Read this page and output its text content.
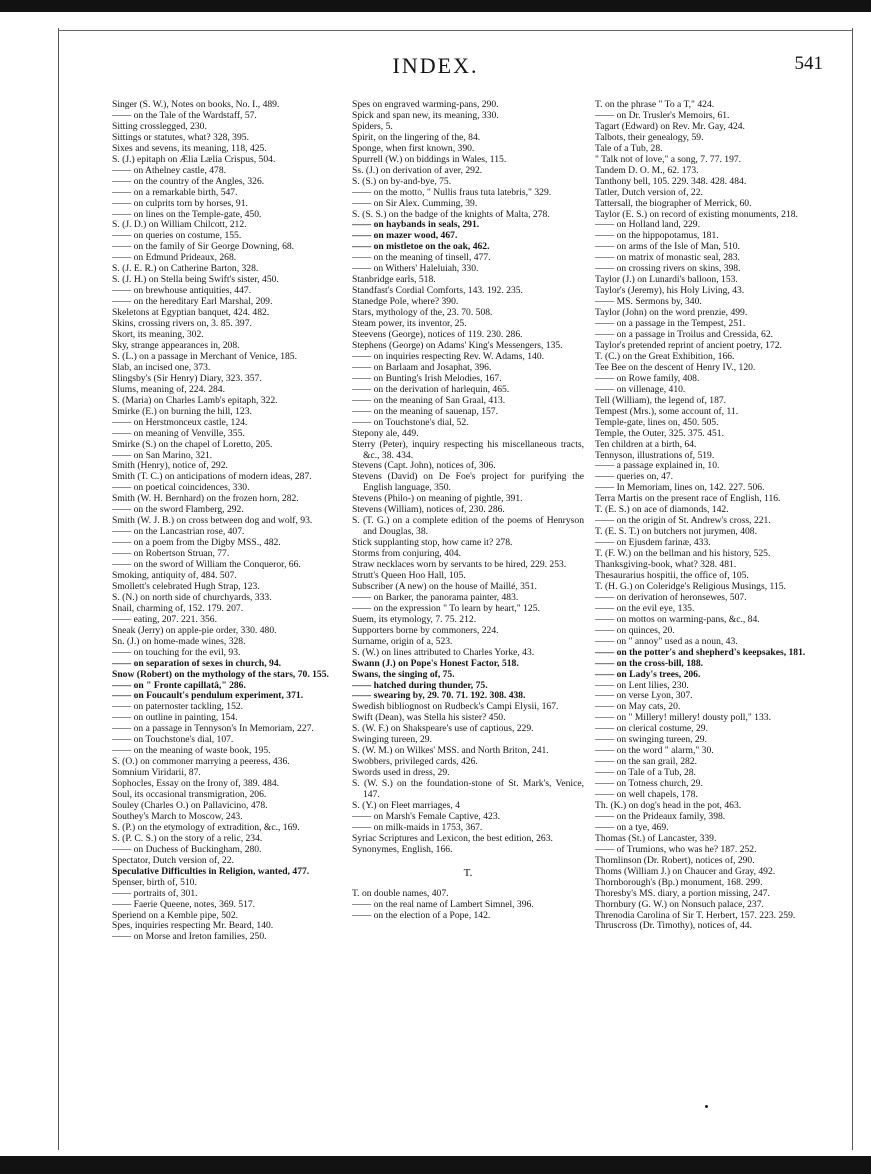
INDEX.	541
Singer (S. W.), Notes on books, No. I., 489.
—— on the Tale of the Wardstaff, 57.
Sitting crosslegged, 230.
Sittings or statutes, what? 328, 395.
Sixes and sevens, its meaning, 118, 425.
S. (J.) epitaph on Ælia Lælia Crispus, 504.
—— on Athelney castle, 478.
—— on the country of the Angles, 326.
—— on a remarkable birth, 547.
—— on culprits torn by horses, 91.
—— on lines on the Temple-gate, 450.
S. (J. D.) on William Chilcott, 212.
—— on queries on costume, 155.
—— on the family of Sir George Downing, 68.
—— on Edmund Prideaux, 268.
S. (J. E. R.) on Catherine Barton, 328.
S. (J. H.) on Stella being Swift's sister, 450.
—— on brewhouse antiquities, 447.
—— on the hereditary Earl Marshal, 209.
Skeletons at Egyptian banquet, 424. 482.
Skins, crossing rivers on, 3. 85. 397.
Skort, its meaning, 302.
Sky, strange appearances in, 208.
S. (L.) on a passage in Merchant of Venice, 185.
Slab, an incised one, 373.
Slingsby's (Sir Henry) Diary, 323. 357.
Slums, meaning of, 224. 284.
S. (Maria) on Charles Lamb's epitaph, 322.
Smirke (E.) on burning the hill, 123.
—— on Herstmonceux castle, 124.
—— on meaning of Venville, 355.
Smirke (S.) on the chapel of Loretto, 205.
—— on San Marino, 321.
Smith (Henry), notice of, 292.
Smith (T. C.) on anticipations of modern ideas, 287.
—— on poetical coincidences, 330.
Smith (W. H. Bernhard) on the frozen horn, 282.
—— on the sword Flamberg, 292.
Smith (W. J. B.) on cross between dog and wolf, 93.
—— on the Lancastrian rose, 407.
—— on a poem from the Digby MSS., 482.
—— on Robertson Struan, 77.
—— on the sword of William the Conqueror, 66.
Smoking, antiquity of, 484. 507.
Smollett's celebrated Hugh Strap, 123.
S. (N.) on north side of churchyards, 333.
Snail, charming of, 152. 179. 207.
—— eating, 207. 221. 356.
Sneak (Jerry) on apple-pie order, 330. 480.
Sn. (J.) on home-made wines, 328.
—— on touching for the evil, 93.
—— on separation of sexes in church, 94.
Snow (Robert) on the mythology of the stars, 70. 155.
—— on " Fronte capillatâ," 286.
—— on Foucault's pendulum experiment, 371.
—— on paternoster tackling, 152.
—— on outline in painting, 154.
—— on a passage in Tennyson's In Memoriam, 227.
—— on Touchstone's dial, 107.
—— on the meaning of waste book, 195.
S. (O.) on commoner marrying a peeress, 436.
Somnium Viridarii, 87.
Sophocles, Essay on the Irony of, 389. 484.
Soul, its occasional transmigration, 206.
Souley (Charles O.) on Pallavicino, 478.
Southey's March to Moscow, 243.
S. (P.) on the etymology of extradition, &c., 169.
S. (P. C. S.) on the story of a relic, 234.
—— on Duchess of Buckingham, 280.
Spectator, Dutch version of, 22.
Speculative Difficulties in Religion, wanted, 477.
Spenser, birth of, 510.
—— portraits of, 301.
—— Faerie Queene, notes, 369. 517.
Speriend on a Kemble pipe, 502.
Spes, inquiries respecting Mr. Beard, 140.
—— on Morse and Ireton families, 250.
Spes on engraved warming-pans, 290.
Spick and span new, its meaning, 330.
Spiders, 5.
Spirit, on the lingering of the, 84.
Sponge, when first known, 390.
Spurrell (W.) on biddings in Wales, 115.
Ss. (J.) on derivation of aver, 292.
S. (S.) on by-and-bye, 75.
—— on the motto, " Nullis fraus tuta latebris," 329.
—— on Sir Alex. Cumming, 39.
S. (S. S.) on the badge of the knights of Malta, 278.
—— on haybands in seals, 291.
—— on mazer wood, 467.
—— on mistletoe on the oak, 462.
—— on the meaning of tinsell, 477.
—— on Withers' Haleluiah, 330.
Stanbridge earls, 518.
Standfast's Cordial Comforts, 143. 192. 235.
Stanedge Pole, where? 390.
Stars, mythology of the, 23. 70. 508.
Steam power, its inventor, 25.
Steevens (George), notices of 119. 230. 286.
Stephens (George) on Adams' King's Messengers, 135.
—— on inquiries respecting Rev. W. Adams, 140.
—— on Barlaam and Josaphat, 396.
—— on Bunting's Irish Melodies, 167.
—— on the derivation of harlequin, 465.
—— on the meaning of San Graal, 413.
—— on the meaning of sauenap, 157.
—— on Touchstone's dial, 52.
Stepony ale, 449.
Sterry (Peter), inquiry respecting his miscellaneous tracts, &c., 38. 434.
Stevens (Capt. John), notices of, 306.
Stevens (David) on De Foe's project for purifying the English language, 350.
Stevens (Philo-) on meaning of pightle, 391.
Stevens (William), notices of, 230. 286.
S. (T. G.) on a complete edition of the poems of Henryson and Douglas, 38.
Stick supplanting stop, how came it? 278.
Storms from conjuring, 404.
Straw necklaces worn by servants to be hired, 229. 253.
Strutt's Queen Hoo Hall, 105.
Subscriber (A new) on the house of Maillé, 351.
—— on Barker, the panorama painter, 483.
—— on the expression " To learn by heart," 125.
Suem, its etymology, 7. 75. 212.
Supporters borne by commoners, 224.
Surname, origin of a, 523.
S. (W.) on lines attributed to Charles Yorke, 43.
Swann (J.) on Pope's Honest Factor, 518.
Swans, the singing of, 75.
—— hatched during thunder, 75.
—— swearing by, 29. 70. 71. 192. 308. 438.
Swedish bibliognost on Rudbeck's Campi Elysii, 167.
Swift (Dean), was Stella his sister? 450.
S. (W. F.) on Shakspeare's use of captious, 229.
Swinging tureen, 29.
S. (W. M.) on Wilkes' MSS. and North Briton, 241.
Swobbers, privileged cards, 426.
Swords used in dress, 29.
S. (W. S.) on the foundation-stone of St. Mark's, Venice, 147.
S. (Y.) on Fleet marriages, 4
—— on Marsh's Female Captive, 423.
—— on milk-maids in 1753, 367.
Syriac Scriptures and Lexicon, the best edition, 263.
Synonymes, English, 166.
T.
T. on double names, 407.
—— on the real name of Lambert Simnel, 396.
—— on the election of a Pope, 142.
T. on the phrase " To a T," 424.
—— on Dr. Trusler's Memoirs, 61.
Tagart (Edward) on Rev. Mr. Gay, 424.
Talbots, their genealogy, 59.
Tale of a Tub, 28.
" Talk not of love," a song, 7. 77. 197.
Tandem D. O. M., 62. 173.
Tanthony bell, 105. 229. 348. 428. 484.
Tatler, Dutch version of, 22.
Tattersall, the biographer of Merrick, 60.
Taylor (E. S.) on record of existing monuments, 218.
—— on Holland land, 229.
—— on the hippopotamus, 181.
—— on arms of the Isle of Man, 510.
—— on matrix of monastic seal, 283.
—— on crossing rivers on skins, 398.
Taylor (J.) on Lunardi's balloon, 153.
Taylor's (Jeremy), his Holy Living, 43.
—— MS. Sermons by, 340.
Taylor (John) on the word prenzie, 499.
—— on a passage in the Tempest, 251.
—— on a passage in Troilus and Cressida, 62.
Taylor's pretended reprint of ancient poetry, 172.
T. (C.) on the Great Exhibition, 166.
Tee Bee on the descent of Henry IV., 120.
—— on Rowe family, 408.
—— on villenage, 410.
Tell (William), the legend of, 187.
Tempest (Mrs.), some account of, 11.
Temple-gate, lines on, 450. 505.
Temple, the Outer, 325. 375. 451.
Ten children at a birth, 64.
Tennyson, illustrations of, 519.
—— a passage explained in, 10.
—— queries on, 47.
—— In Memoriam, lines on, 142. 227. 506.
Terra Martis on the present race of English, 116.
T. (E. S.) on ace of diamonds, 142.
—— on the origin of St. Andrew's cross, 221.
T. (E. S. T.) on butchers not jurymen, 408.
—— on Ejusdem farinæ, 433.
T. (F. W.) on the bellman and his history, 525.
Thanksgiving-book, what? 328. 481.
Thesaurarius hospitii, the office of, 105.
T. (H. G.) on Coleridge's Religious Musings, 115.
—— on derivation of heronsewes, 507.
—— on the evil eye, 135.
—— on mottos on warming-pans, &c., 84.
—— on quinces, 20.
—— on " annoy" used as a noun, 43.
—— on the potter's and shepherd's keepsakes, 181.
—— on the cross-bill, 188.
—— on Lady's trees, 206.
—— on Lent lilies, 230.
—— on verse Lyon, 307.
—— on May cats, 20.
—— on " Millery! millery! dousty poll," 133.
—— on clerical costume, 29.
—— on swinging tureen, 29.
—— on the word " alarm," 30.
—— on the san grail, 282.
—— on Tale of a Tub, 28.
—— on Totness church, 29.
—— on well chapels, 178.
Th. (K.) on dog's head in the pot, 463.
—— on the Prideaux family, 398.
—— on a tye, 469.
Thomas (St.) of Lancaster, 339.
—— of Trumions, who was he? 187. 252.
Thomlinson (Dr. Robert), notices of, 290.
Thoms (William J.) on Chaucer and Gray, 492.
Thornborough's (Bp.) monument, 168. 299.
Thoresby's MS. diary, a portion missing, 247.
Thornbury (G. W.) on Nonsuch palace, 237.
Threnodia Carolina of Sir T. Herbert, 157. 223. 259.
Thruscross (Dr. Timothy), notices of, 44.
